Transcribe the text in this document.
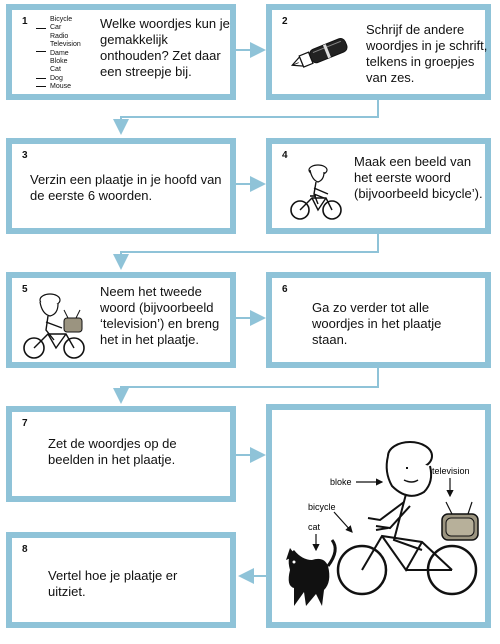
1	Bicycle
Car
Radio
Television
Dame
Bloke
Cat
Dog
Mouse
Welke woordjes kun je gemakkelijk onthouden? Zet daar een streepje bij.
2
Schrijf de andere woordjes in je schrift, telkens in groepjes van zes.
3
Verzin een plaatje in je hoofd van de eerste 6 woorden.
4	Maak een beeld van het eerste woord (bijvoorbeeld bicycle’).
5	Neem het tweede woord (bijvoorbeeld ‘television’) en breng het in het plaatje.
6
Ga zo verder tot alle woordjes in het plaatje staan.
7
Zet de woordjes op de beelden in het plaatje.
8
Vertel hoe je plaatje er uitziet.
bloke
television
bicycle
cat
